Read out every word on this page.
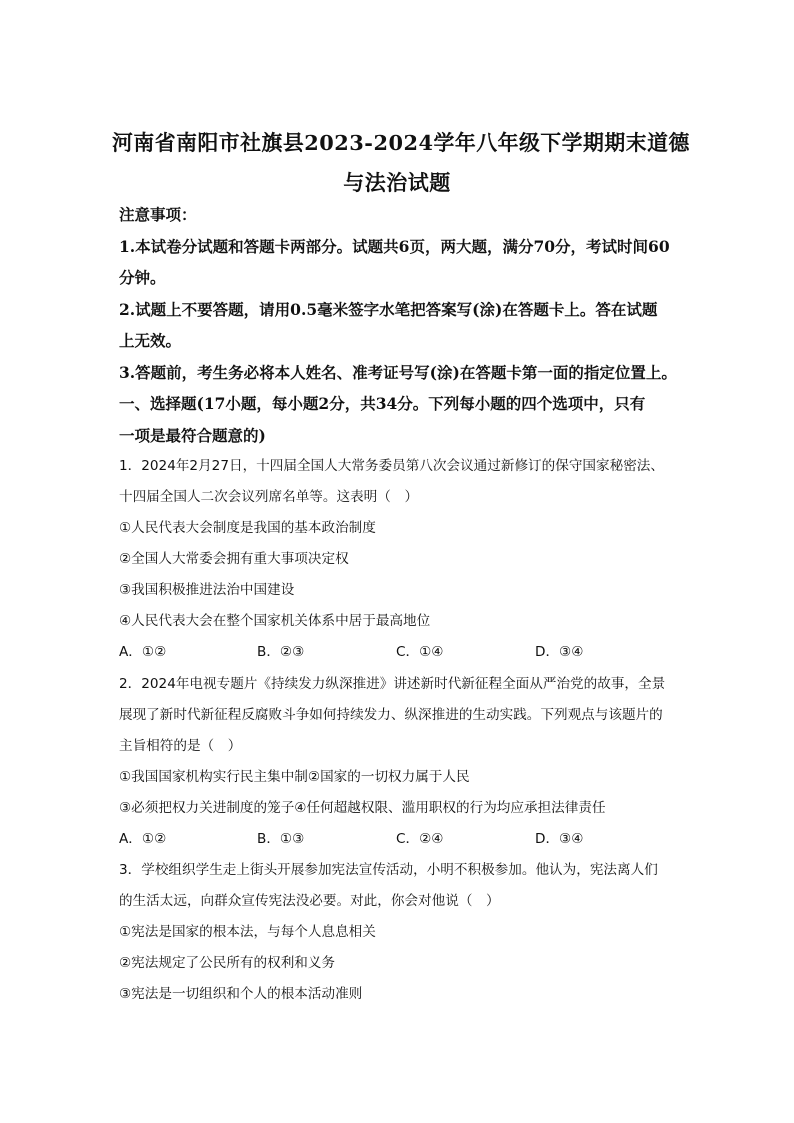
河南省南阳市社旗县2023-2024学年八年级下学期期末道德
与法治试题
注意事项：
1.本试卷分试题和答题卡两部分。试题共6页，两大题，满分70分，考试时间60
分钟。
2.试题上不要答题，请用0.5毫米签字水笔把答案写(涂)在答题卡上。答在试题
上无效。
3.答题前，考生务必将本人姓名、准考证号写(涂)在答题卡第一面的指定位置上。
一、选择题(17小题，每小题2分，共34分。下列每小题的四个选项中，只有
一项是最符合题意的)
1．2024年2月27日，十四届全国人大常务委员第八次会议通过新修订的保守国家秘密法、
十四届全国人二次会议列席名单等。这表明（　）
①人民代表大会制度是我国的基本政治制度
②全国人大常委会拥有重大事项决定权
③我国积极推进法治中国建设
④人民代表大会在整个国家机关体系中居于最高地位
A．①②	B．②③	C．①④	D．③④
2．2024年电视专题片《持续发力纵深推进》讲述新时代新征程全面从严治党的故事，全景
展现了新时代新征程反腐败斗争如何持续发力、纵深推进的生动实践。下列观点与该题片的
主旨相符的是（　）
①我国国家机构实行民主集中制②国家的一切权力属于人民
③必须把权力关进制度的笼子④任何超越权限、滥用职权的行为均应承担法律责任
A．①②	B．①③	C．②④	D．③④
3．学校组织学生走上街头开展参加宪法宣传活动，小明不积极参加。他认为，宪法离人们
的生活太远，向群众宣传宪法没必要。对此，你会对他说（　）
①宪法是国家的根本法，与每个人息息相关
②宪法规定了公民所有的权利和义务
③宪法是一切组织和个人的根本活动准则
